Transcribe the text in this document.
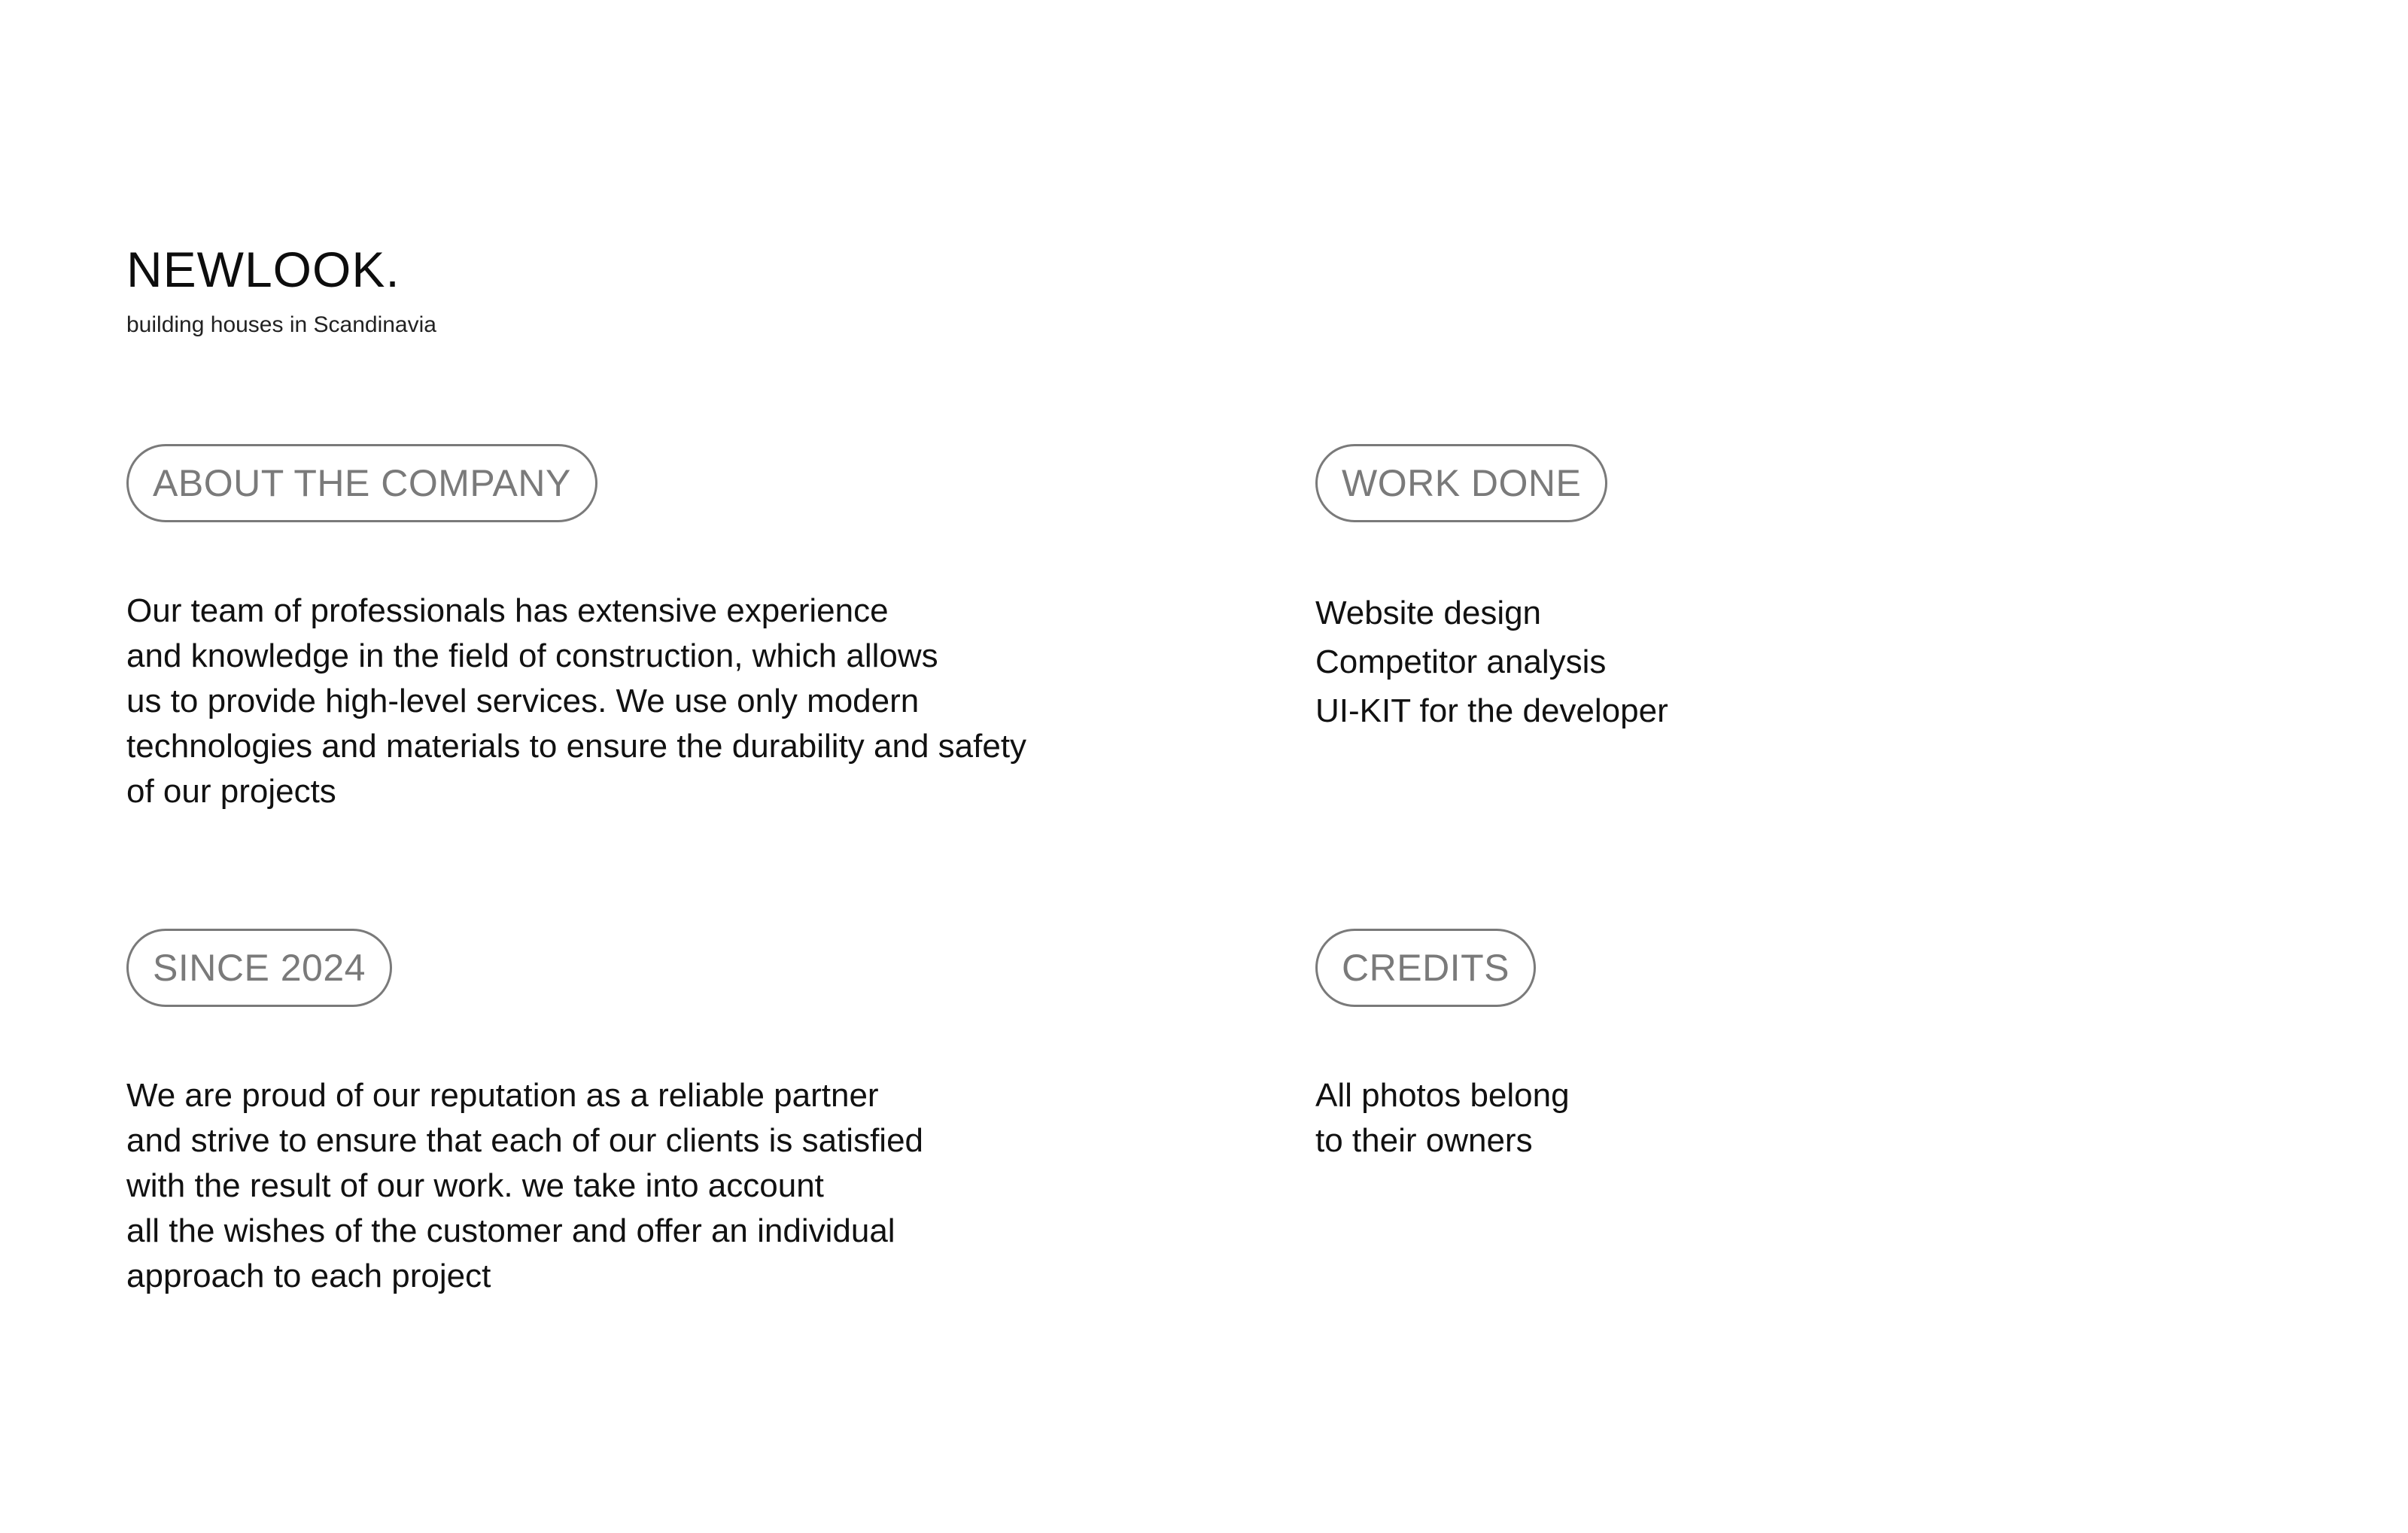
NEWLOOK.
building houses in Scandinavia
ABOUT THE COMPANY
Our team of professionals has extensive experience
and knowledge in the field of construction, which allows
us to provide high-level services. We use only modern
technologies and materials to ensure the durability and safety
of our projects
WORK DONE
Website design
Competitor analysis
UI-KIT for the developer
SINCE 2024
We are proud of our reputation as a reliable partner
and strive to ensure that each of our clients is satisfied
with the result of our work. we take into account
all the wishes of the customer and offer an individual
approach to each project
CREDITS
All photos belong
to their owners
